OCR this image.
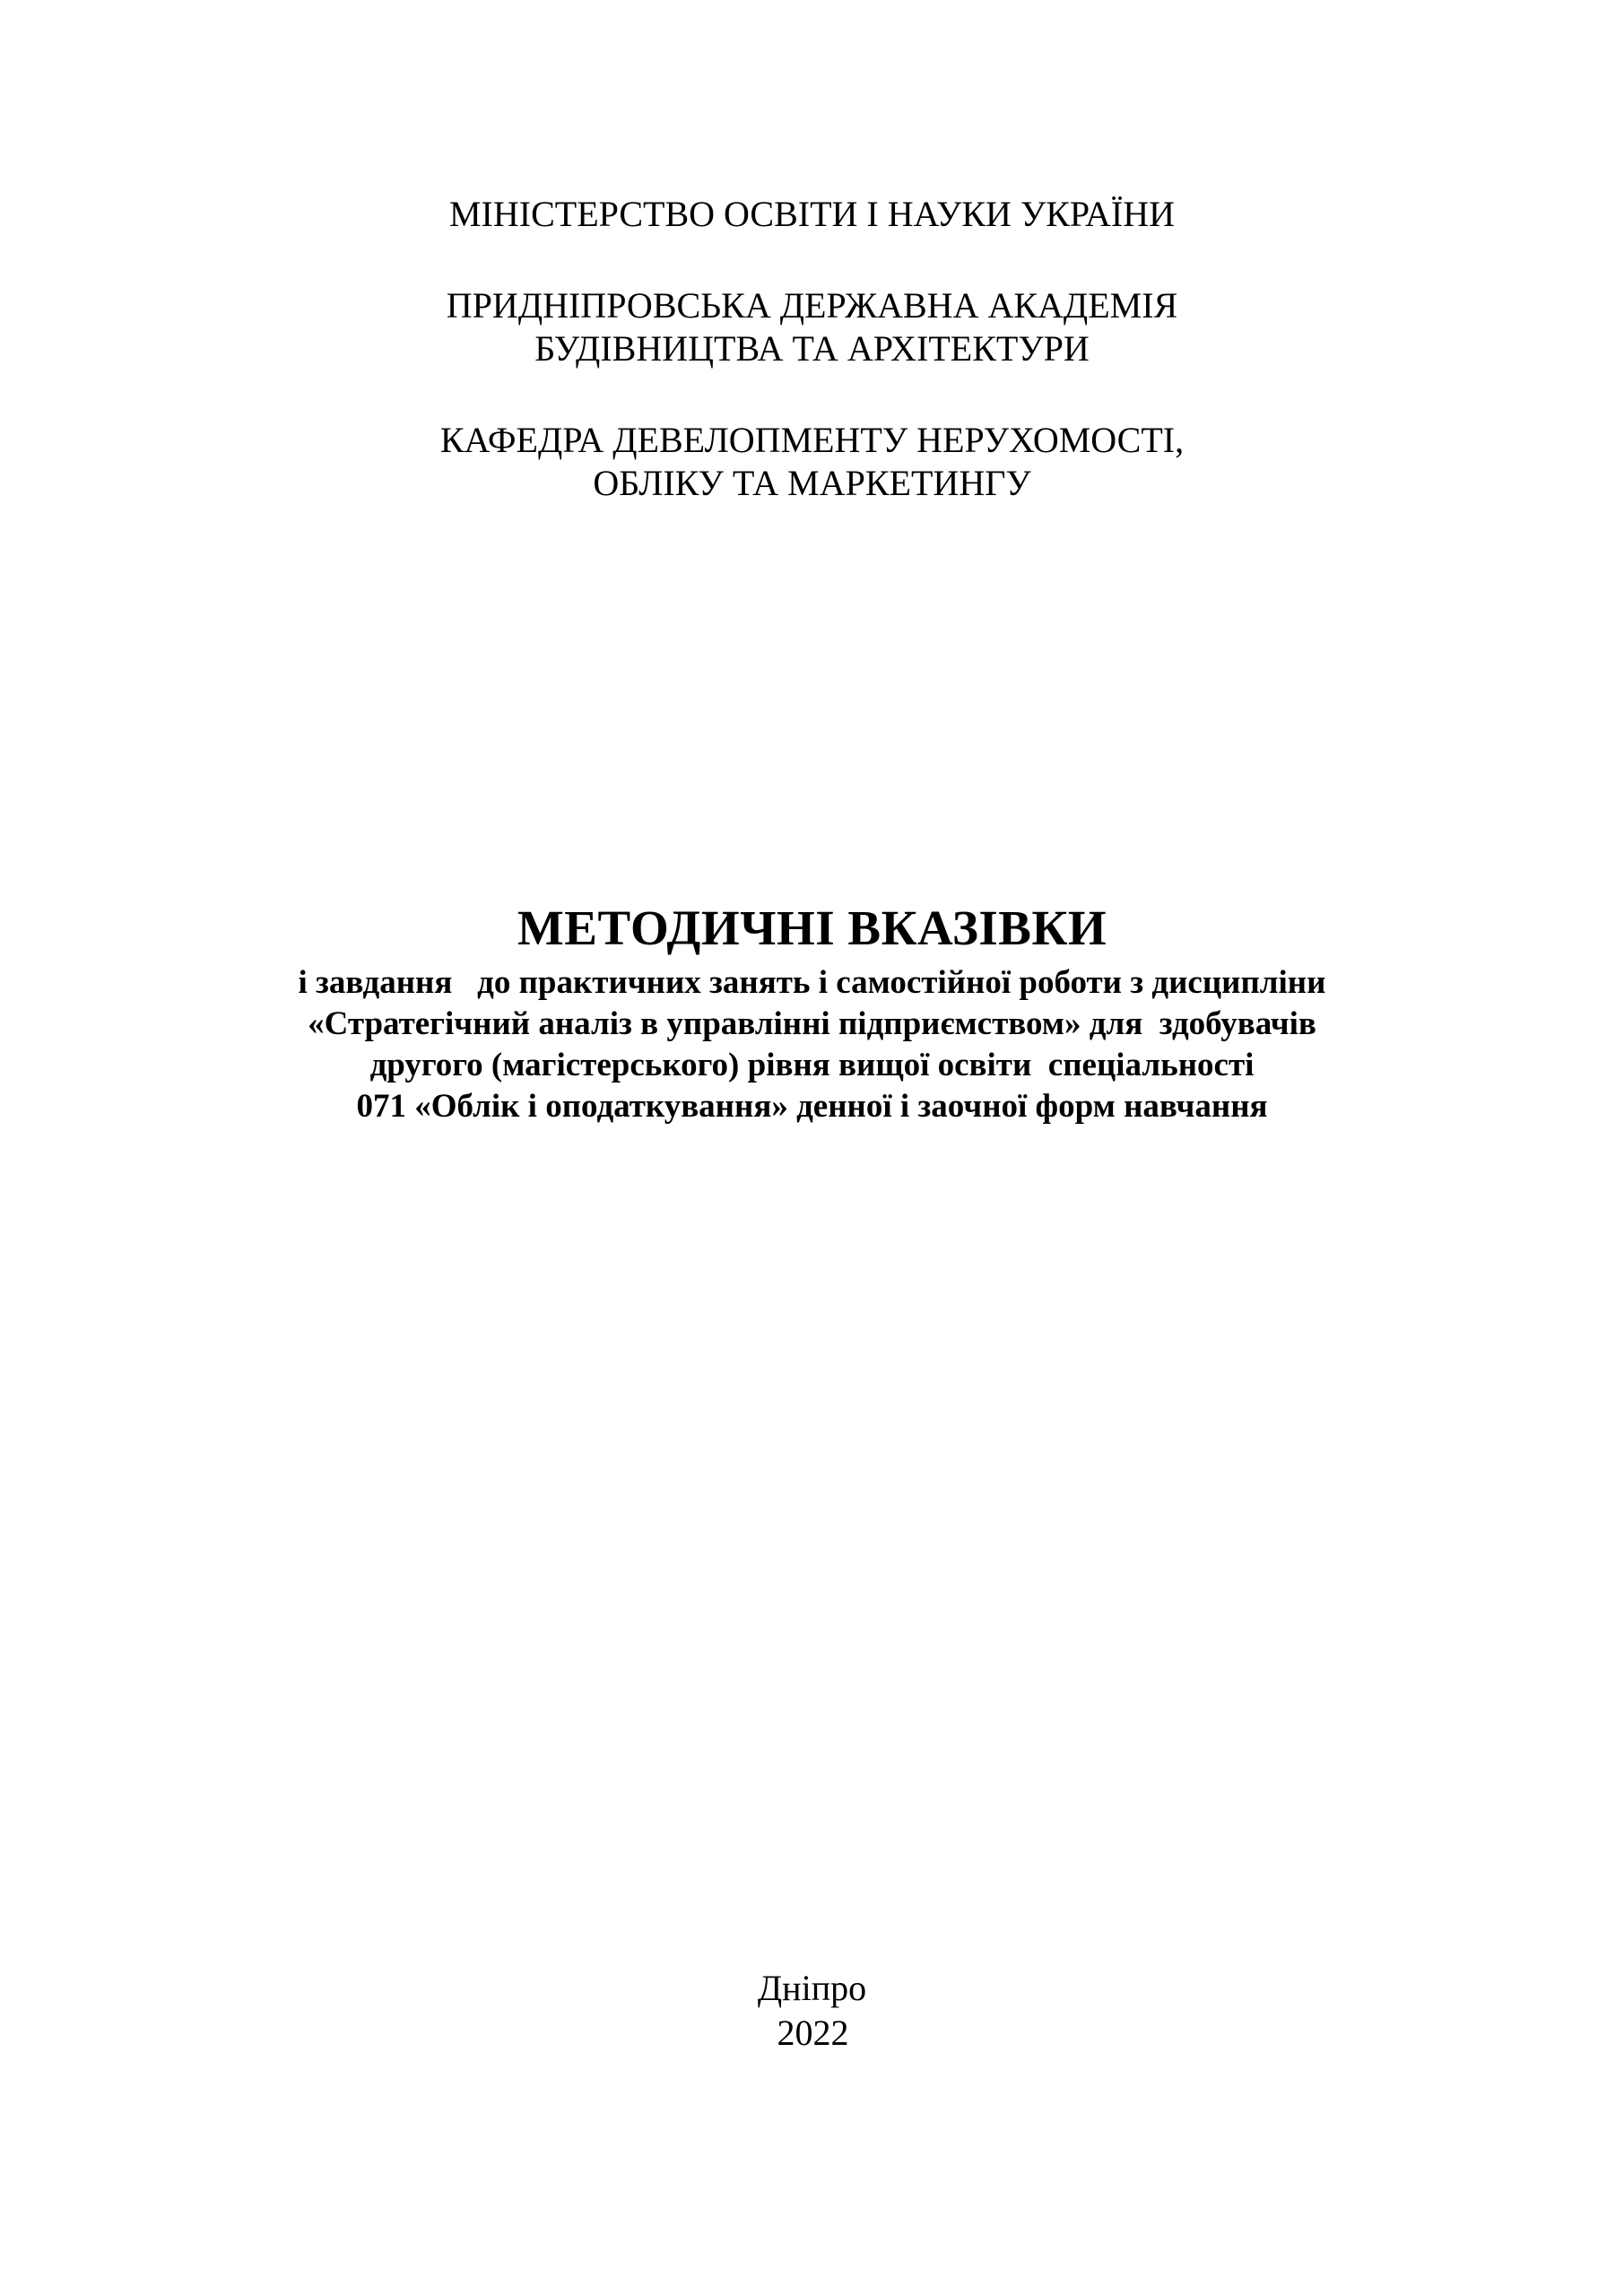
МІНІСТЕРСТВО ОСВІТИ І НАУКИ УКРАЇНИ
ПРИДНІПРОВСЬКА ДЕРЖАВНА АКАДЕМІЯ
БУДІВНИЦТВА ТА АРХІТЕКТУРИ
КАФЕДРА ДЕВЕЛОПМЕНТУ НЕРУХОМОСТІ,
ОБЛІКУ ТА МАРКЕТИНГУ
МЕТОДИЧНІ ВКАЗІВКИ
і завдання   до практичних занять і самостійної роботи з дисципліни
«Стратегічний аналіз в управлінні підприємством» для  здобувачів
другого (магістерського) рівня вищої освіти  спеціальності
071 «Облік і оподаткування» денної і заочної форм навчання
Дніпро
2022
